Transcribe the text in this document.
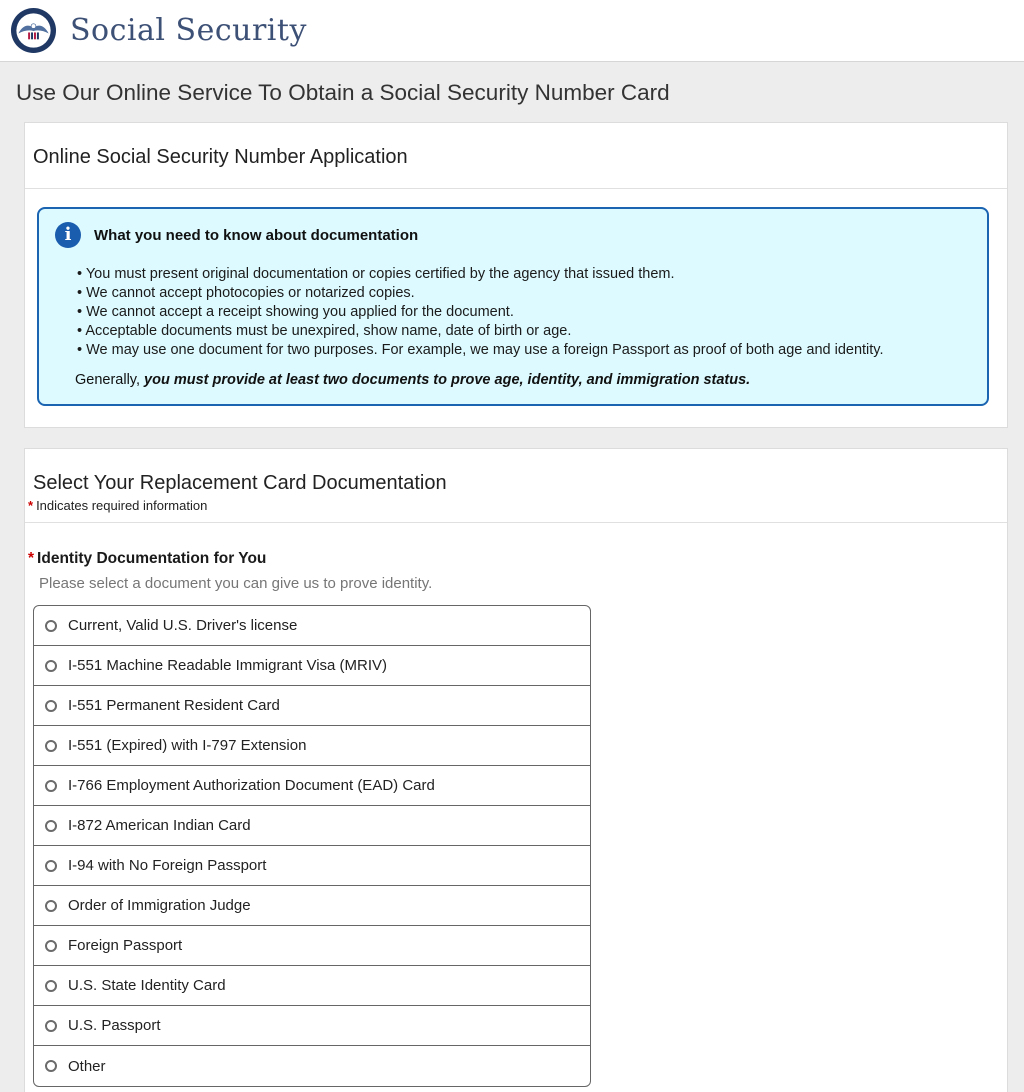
Social Security
Use Our Online Service To Obtain a Social Security Number Card
Online Social Security Number Application
i	What you need to know about documentation
• You must present original documentation or copies certified by the agency that issued them.
• We cannot accept photocopies or notarized copies.
• We cannot accept a receipt showing you applied for the document.
• Acceptable documents must be unexpired, show name, date of birth or age.
• We may use one document for two purposes. For example, we may use a foreign Passport as proof of both age and identity.

Generally, you must provide at least two documents to prove age, identity, and immigration status.

Select Your Replacement Card Documentation

* Indicates required information

* Identity Documentation for You

Please select a document you can give us to prove identity.

Current, Valid U.S. Driver's license
I-551 Machine Readable Immigrant Visa (MRIV)
I-551 Permanent Resident Card
I-551 (Expired) with I-797 Extension
I-766 Employment Authorization Document (EAD) Card
I-872 American Indian Card
I-94 with No Foreign Passport
Order of Immigration Judge
Foreign Passport
U.S. State Identity Card
U.S. Passport
Other
